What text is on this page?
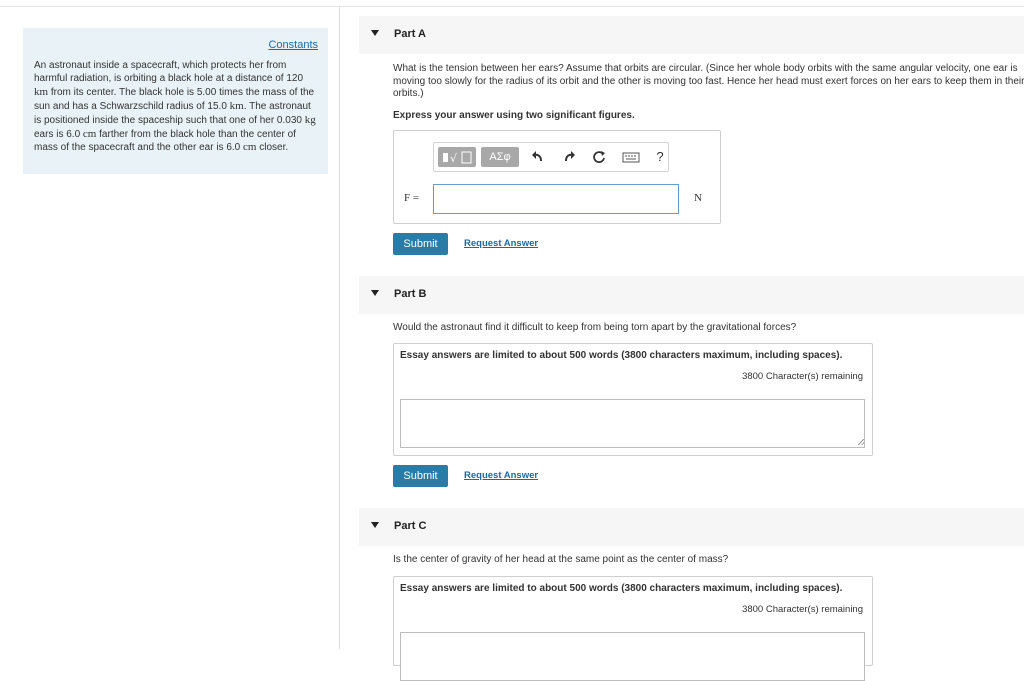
Constants
An astronaut inside a spacecraft, which protects her from harmful radiation, is orbiting a black hole at a distance of 120 km from its center. The black hole is 5.00 times the mass of the sun and has a Schwarzschild radius of 15.0 km. The astronaut is positioned inside the spaceship such that one of her 0.030 kg ears is 6.0 cm farther from the black hole than the center of mass of the spacecraft and the other ear is 6.0 cm closer.
Part A
What is the tension between her ears? Assume that orbits are circular. (Since her whole body orbits with the same angular velocity, one ear is
moving too slowly for the radius of its orbit and the other is moving too fast. Hence her head must exert forces on her ears to keep them in their
orbits.)
Express your answer using two significant figures.
√	ΑΣφ	?
F =	N
Submit	Request Answer
Part B
Would the astronaut find it difficult to keep from being torn apart by the gravitational forces?
Essay answers are limited to about 500 words (3800 characters maximum, including spaces).
3800 Character(s) remaining
Submit	Request Answer
Part C
Is the center of gravity of her head at the same point as the center of mass?
Essay answers are limited to about 500 words (3800 characters maximum, including spaces).
3800 Character(s) remaining
